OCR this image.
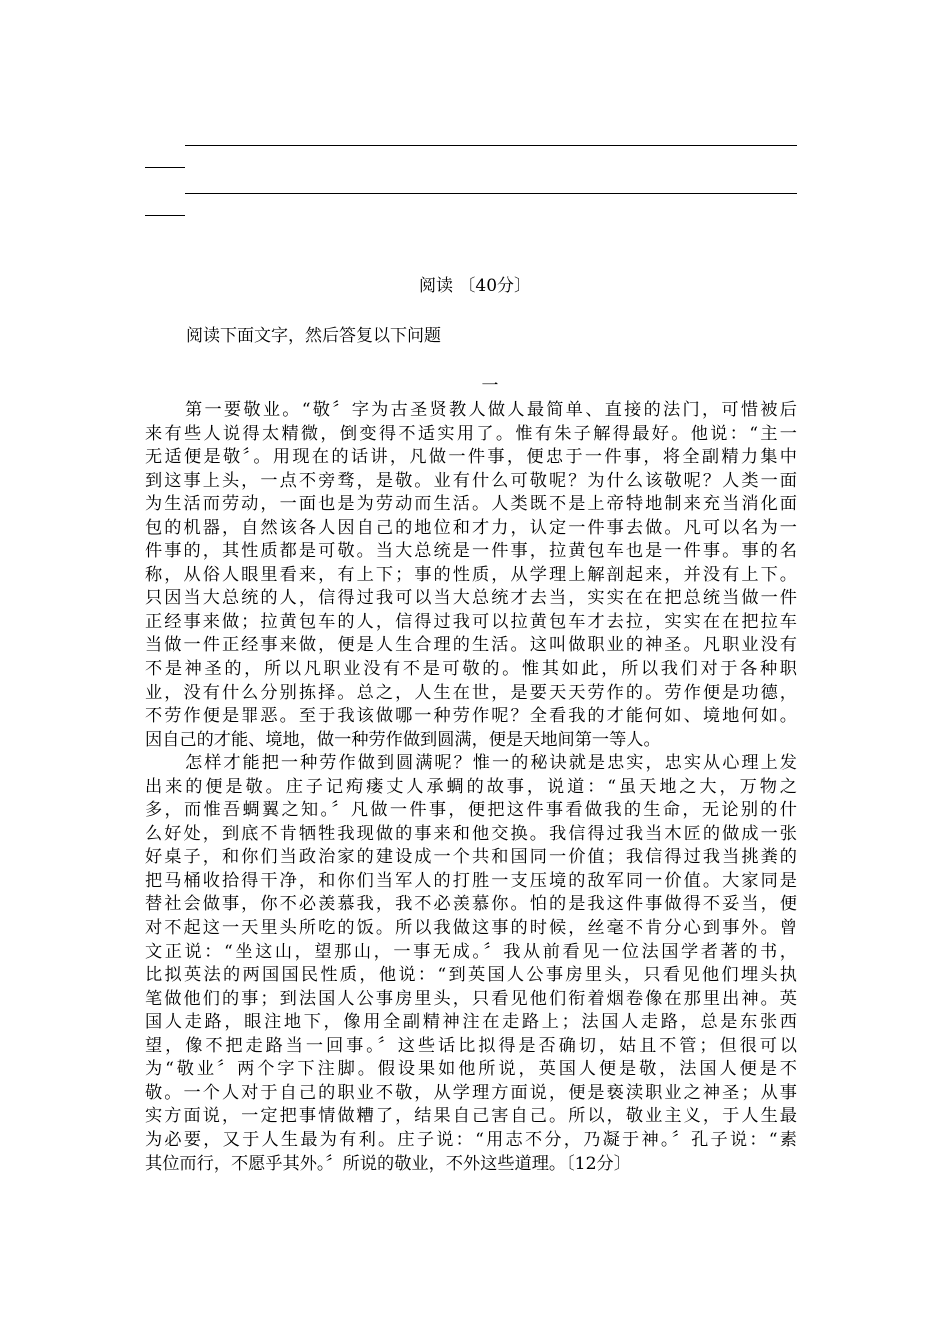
阅读 〔40分〕
阅读下面文字，然后答复以下问题
一
第一要敬业。“敬〞字为古圣贤教人做人最简单、直接的法门，可惜被后
来有些人说得太精微，倒变得不适实用了。惟有朱子解得最好。他说：“主一
无适便是敬〞。用现在的话讲，凡做一件事，便忠于一件事，将全副精力集中
到这事上头，一点不旁骛，是敬。业有什么可敬呢？为什么该敬呢？人类一面
为生活而劳动，一面也是为劳动而生活。人类既不是上帝特地制来充当消化面
包的机器，自然该各人因自己的地位和才力，认定一件事去做。凡可以名为一
件事的，其性质都是可敬。当大总统是一件事，拉黄包车也是一件事。事的名
称，从俗人眼里看来，有上下；事的性质，从学理上解剖起来，并没有上下。
只因当大总统的人，信得过我可以当大总统才去当，实实在在把总统当做一件
正经事来做；拉黄包车的人，信得过我可以拉黄包车才去拉，实实在在把拉车
当做一件正经事来做，便是人生合理的生活。这叫做职业的神圣。凡职业没有
不是神圣的，所以凡职业没有不是可敬的。惟其如此，所以我们对于各种职
业，没有什么分别拣择。总之，人生在世，是要天天劳作的。劳作便是功德，
不劳作便是罪恶。至于我该做哪一种劳作呢？全看我的才能何如、境地何如。
因自己的才能、境地，做一种劳作做到圆满，便是天地间第一等人。
怎样才能把一种劳作做到圆满呢？惟一的秘诀就是忠实，忠实从心理上发
出来的便是敬。庄子记痀瘘丈人承蜩的故事，说道：“虽天地之大，万物之
多，而惟吾蜩翼之知。〞凡做一件事，便把这件事看做我的生命，无论别的什
么好处，到底不肯牺牲我现做的事来和他交换。我信得过我当木匠的做成一张
好桌子，和你们当政治家的建设成一个共和国同一价值；我信得过我当挑粪的
把马桶收拾得干净，和你们当军人的打胜一支压境的敌军同一价值。大家同是
替社会做事，你不必羡慕我，我不必羡慕你。怕的是我这件事做得不妥当，便
对不起这一天里头所吃的饭。所以我做这事的时候，丝毫不肯分心到事外。曾
文正说：“坐这山，望那山，一事无成。〞我从前看见一位法国学者著的书，
比拟英法的两国国民性质，他说：“到英国人公事房里头，只看见他们埋头执
笔做他们的事；到法国人公事房里头，只看见他们衔着烟卷像在那里出神。英
国人走路，眼注地下，像用全副精神注在走路上；法国人走路，总是东张西
望，像不把走路当一回事。〞这些话比拟得是否确切，姑且不管；但很可以
为“敬业〞两个字下注脚。假设果如他所说，英国人便是敬，法国人便是不
敬。一个人对于自己的职业不敬，从学理方面说，便是亵渎职业之神圣；从事
实方面说，一定把事情做糟了，结果自己害自己。所以，敬业主义，于人生最
为必要，又于人生最为有利。庄子说：“用志不分，乃凝于神。〞孔子说：“素
其位而行，不愿乎其外。〞所说的敬业，不外这些道理。〔12分〕
